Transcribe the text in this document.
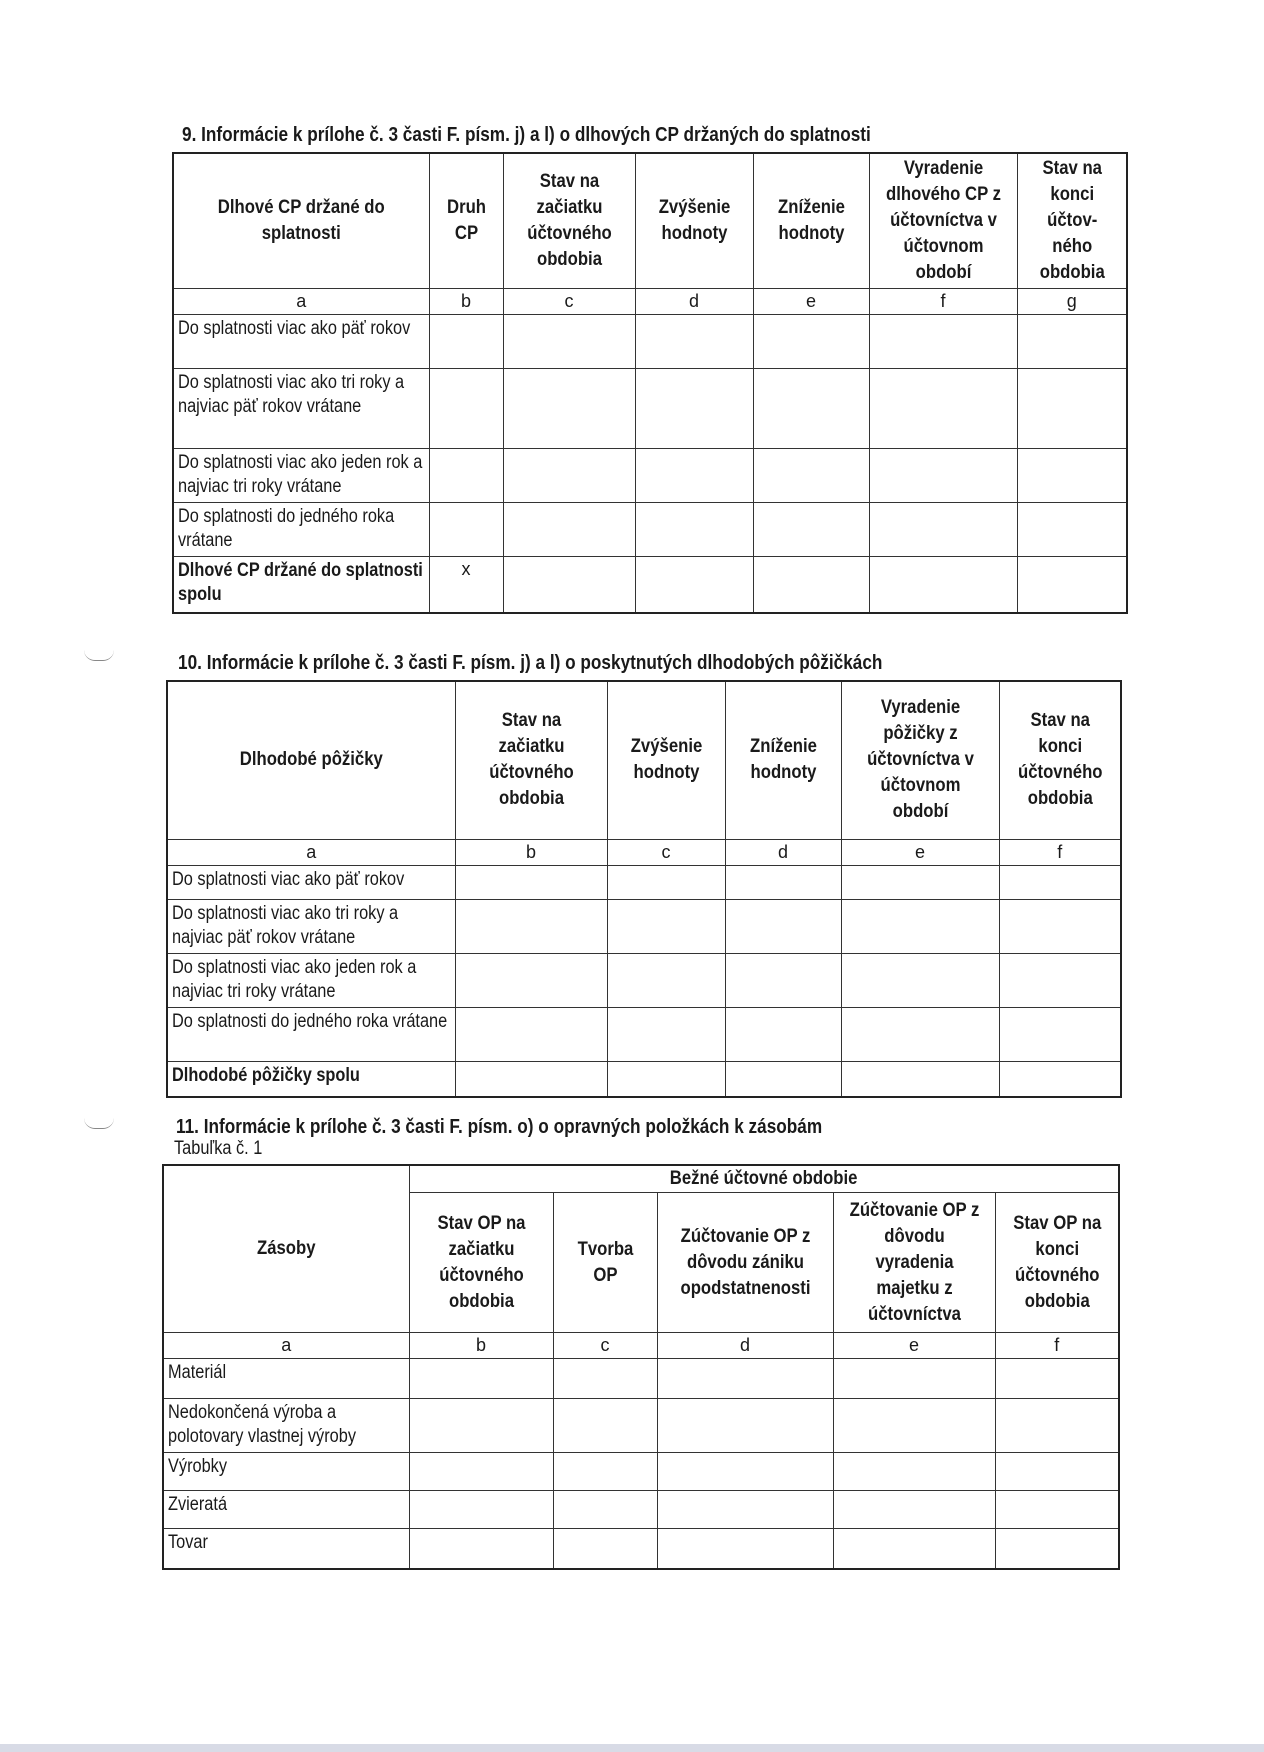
9. Informácie k prílohe č. 3 časti F. písm. j) a l) o dlhových CP držaných do splatnosti
Dlhové CP držané do splatnosti	Druh CP	Stav na začiatku účtovného obdobia	Zvýšenie hodnoty	Zníženie hodnoty	Vyradenie dlhového CP z účtovníctva v účtovnom období	Stav na konci účtov-ného obdobia
a	b	c	d	e	f	g
Do splatnosti viac ako päť rokov						
Do splatnosti viac ako tri roky a najviac päť rokov vrátane						
Do splatnosti viac ako jeden rok a najviac tri roky vrátane						
Do splatnosti do jedného roka vrátane						
Dlhové CP držané do splatnosti spolu	x					
10. Informácie k prílohe č. 3 časti F. písm. j) a l) o poskytnutých dlhodobých pôžičkách
Dlhodobé pôžičky	Stav na začiatku účtovného obdobia	Zvýšenie hodnoty	Zníženie hodnoty	Vyradenie pôžičky z účtovníctva v účtovnom období	Stav na konci účtovného obdobia
a	b	c	d	e	f
Do splatnosti viac ako päť rokov					
Do splatnosti viac ako tri roky a najviac päť rokov vrátane					
Do splatnosti viac ako jeden rok a najviac tri roky vrátane					
Do splatnosti do jedného roka vrátane					
Dlhodobé pôžičky spolu					
11. Informácie k prílohe č. 3 časti F. písm. o) o opravných položkách k zásobám
Tabuľka č. 1
Zásoby	Bežné účtovné obdobie				
	Stav OP na začiatku účtovného obdobia	Tvorba OP	Zúčtovanie OP z dôvodu zániku opodstatnenosti	Zúčtovanie OP z dôvodu vyradenia majetku z účtovníctva	Stav OP na konci účtovného obdobia
a	b	c	d	e	f
Materiál					
Nedokončená výroba a polotovary vlastnej výroby					
Výrobky					
Zvieratá					
Tovar					
